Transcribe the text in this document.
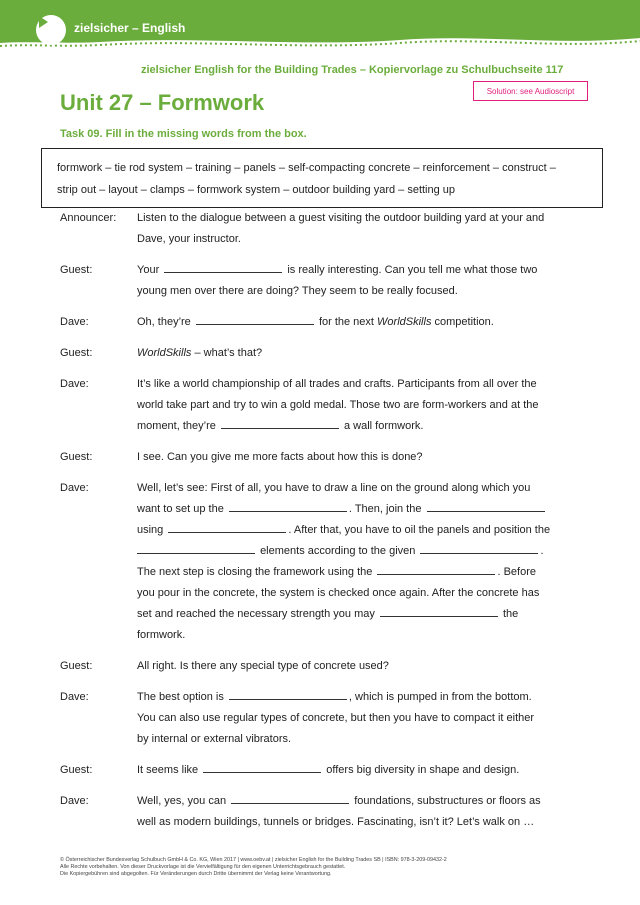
zielsicher – English
zielsicher English for the Building Trades – Kopiervorlage zu Schulbuchseite 117
Unit 27 – Formwork	Solution: see Audioscript
Task 09. Fill in the missing words from the box.
formwork – tie rod system – training – panels – self-compacting concrete – reinforcement – construct –
strip out – layout – clamps – formwork system – outdoor building yard – setting up
Announcer:	Listen to the dialogue between a guest visiting the outdoor building yard at your and
Dave, your instructor.
Guest:	Your	is really interesting. Can you tell me what those two
young men over there are doing? They seem to be really focused.
Dave:	Oh, they’re	for the next WorldSkills competition.
Guest:	WorldSkills – what’s that?
Dave:	It’s like a world championship of all trades and crafts. Participants from all over the
world take part and try to win a gold medal. Those two are form-workers and at the
moment, they’re	a wall formwork.
Guest:	I see. Can you give me more facts about how this is done?
Dave:	Well, let’s see: First of all, you have to draw a line on the ground along which you
want to set up the	. Then, join the
using	. After that, you have to oil the panels and position the
elements according to the given	.
The next step is closing the framework using the	. Before
you pour in the concrete, the system is checked once again. After the concrete has
set and reached the necessary strength you may	the
formwork.
Guest:	All right. Is there any special type of concrete used?
Dave:	The best option is	, which is pumped in from the bottom.
You can also use regular types of concrete, but then you have to compact it either
by internal or external vibrators.
Guest:	It seems like	offers big diversity in shape and design.
Dave:	Well, yes, you can	foundations, substructures or floors as
well as modern buildings, tunnels or bridges. Fascinating, isn’t it? Let’s walk on …
© Österreichischer Bundesverlag Schulbuch GmbH & Co. KG, Wien 2017 | www.oebv.at | zielsicher English for the Building Trades SB | ISBN: 978-3-209-09432-2
Alle Rechte vorbehalten. Von dieser Druckvorlage ist die Vervielfältigung für den eigenen Unterrichtsgebrauch gestattet.
Die Kopiergebühren sind abgegolten. Für Veränderungen durch Dritte übernimmt der Verlag keine Verantwortung.
